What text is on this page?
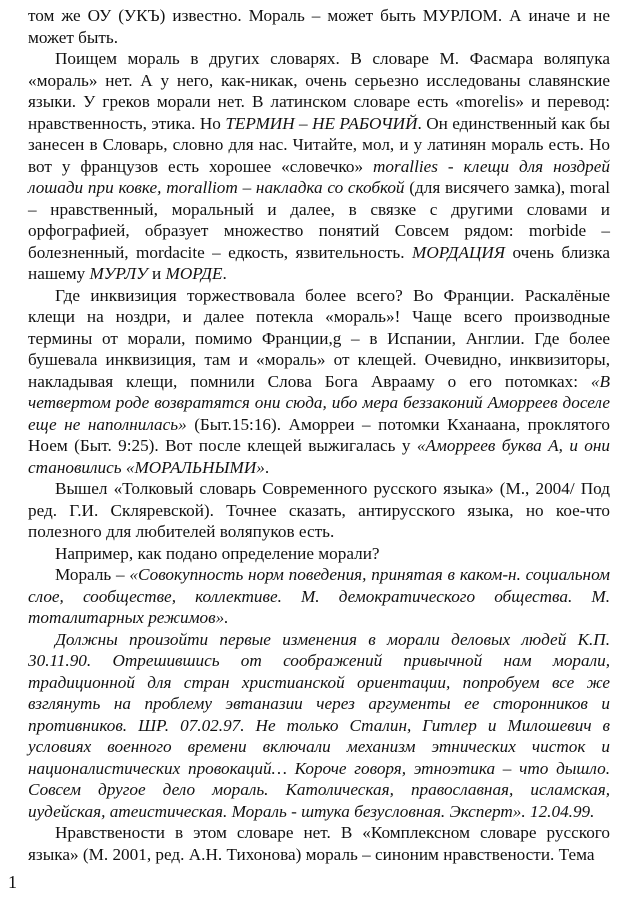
том же ОУ (УКЪ) известно. Мораль – может быть МУРЛОМ. А иначе и не может быть.

Поищем мораль в других словарях. В словаре М. Фасмара воляпука «мораль» нет. А у него, как-никак, очень серьезно исследованы славянские языки. У греков морали нет. В латинском словаре есть «morelis» и перевод: нравственность, этика. Но ТЕРМИН – НЕ РАБОЧИЙ. Он единственный как бы занесен в Словарь, словно для нас. Читайте, мол, и у латинян мораль есть. Но вот у французов есть хорошее «словечко» morallies - клещи для ноздрей лошади при ковке, moralliom – накладка со скобкой (для висячего замка), moral – нравственный, моральный и далее, в связке с другими словами и орфографией, образует множество понятий Совсем рядом: morbide – болезненный, mordacite – едкость, язвительность. МОРДАЦИЯ очень близка нашему МУРЛУ и МОРДЕ.

Где инквизиция торжествовала более всего? Во Франции. Раскалёные клещи на ноздри, и далее потекла «мораль»! Чаще всего производные термины от морали, помимо Франции,g – в Испании, Англии. Где более бушевала инквизиция, там и «мораль» от клещей. Очевидно, инквизиторы, накладывая клещи, помнили Слова Бога Аврааму о его потомках: «В четвертом роде возвратятся они сюда, ибо мера беззаконий Аморреев доселе еще не наполнилась» (Быт.15:16). Аморреи – потомки Кханаана, проклятого Ноем (Быт. 9:25). Вот после клещей выжигалась у «Аморреев буква А, и они становились «МОРАЛЬНЫМИ».

Вышел «Толковый словарь Современного русского языка» (М., 2004/ Под ред. Г.И. Скляревской). Точнее сказать, антирусского языка, но кое-что полезного для любителей воляпуков есть.

Например, как подано определение морали?

Мораль – «Совокупность норм поведения, принятая в каком-н. социальном слое, сообществе, коллективе. М. демократического общества. М. тоталитарных режимов».

Должны произойти первые изменения в морали деловых людей К.П. 30.11.90. Отрешившись от соображений привычной нам морали, традиционной для стран христианской ориентации, попробуем все же взглянуть на проблему эвтаназии через аргументы ее сторонников и противников. ШР. 07.02.97. Не только Сталин, Гитлер и Милошевич в условиях военного времени включали механизм этнических чисток и националистических провокаций… Короче говоря, этноэтика – что дышло. Совсем другое дело мораль. Католическая, православная, исламская, иудейская, атеистическая. Мораль - штука безусловная. Эксперт». 12.04.99.

Нравствености в этом словаре нет. В «Комплексном словаре русского языка» (М. 2001, ред. А.Н. Тихонова) мораль – синоним нравствености. Тема

1
